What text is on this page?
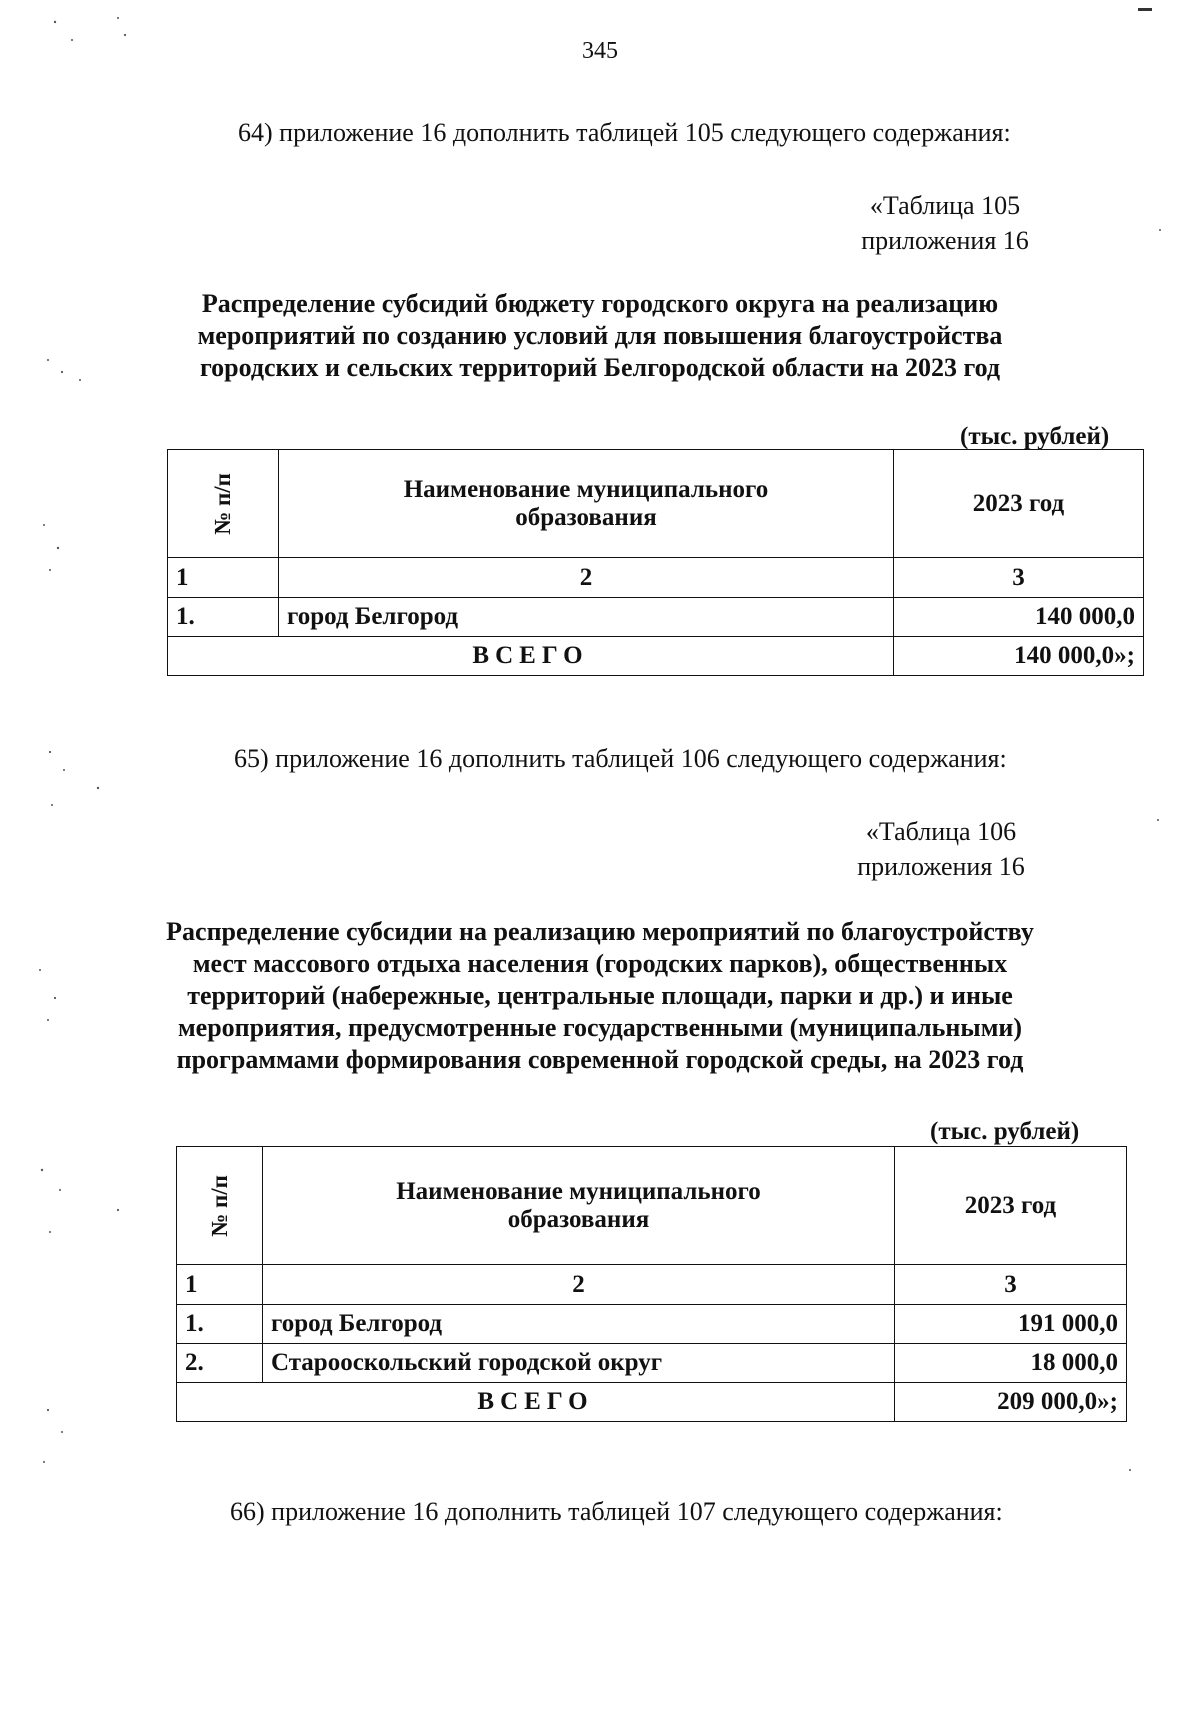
345
64) приложение 16 дополнить таблицей 105 следующего содержания:
«Таблица 105
приложения 16
Распределение субсидий бюджету городского округа на реализацию
мероприятий по созданию условий для повышения благоустройства
городских и сельских территорий Белгородской области на 2023 год
(тыс. рублей)
№ п/п	Наименование муниципального образования	2023 год
1	2	3
1.	город Белгород	140 000,0
ВСЕГО		140 000,0»;
65) приложение 16 дополнить таблицей 106 следующего содержания:
«Таблица 106
приложения 16
Распределение субсидии на реализацию мероприятий по благоустройству
мест массового отдыха населения (городских парков), общественных
территорий (набережные, центральные площади, парки и др.) и иные
мероприятия, предусмотренные государственными (муниципальными)
программами формирования современной городской среды, на 2023 год
(тыс. рублей)
№ п/п	Наименование муниципального образования	2023 год
1	2	3
1.	город Белгород	191 000,0
2.	Старооскольский городской округ	18 000,0
ВСЕГО		209 000,0»;
66) приложение 16 дополнить таблицей 107 следующего содержания:
